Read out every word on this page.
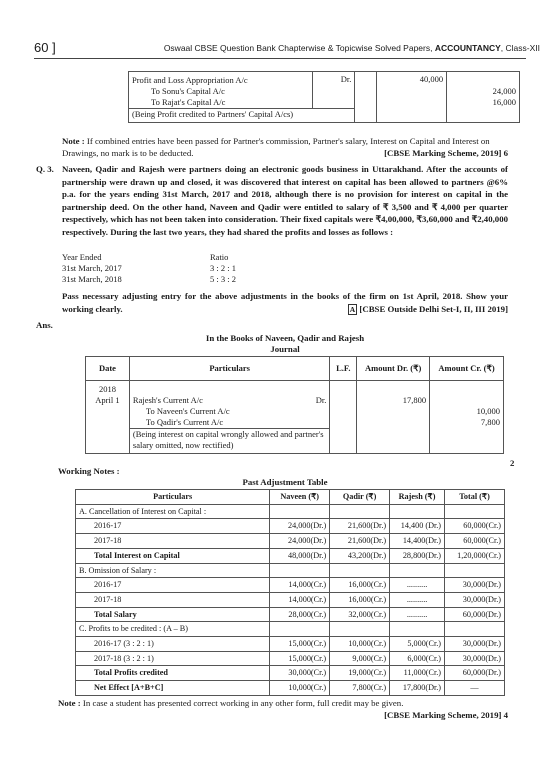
60 ]	Oswaal CBSE Question Bank Chapterwise & Topicwise Solved Papers, ACCOUNTANCY, Class-XII
Profit and Loss Appropriation A/c	Dr.		40,000	
To Sonu's Capital A/c				24,000
To Rajat's Capital A/c				16,000
(Being Profit credited to Partners' Capital A/cs)				
Note : If combined entries have been passed for Partner's commission, Partner's salary, Interest on Capital and Interest on Drawings, no mark is to be deducted.	[CBSE Marking Scheme, 2019] 6
Q. 3. Naveen, Qadir and Rajesh were partners doing an electronic goods business in Uttarakhand. After the accounts of partnership were drawn up and closed, it was discovered that interest on capital has been allowed to partners @6% p.a. for the years ending 31st March, 2017 and 2018, although there is no provision for interest on capital in the partnership deed. On the other hand, Naveen and Qadir were entitled to salary of ₹ 3,500 and ₹ 4,000 per quarter respectively, which has not been taken into consideration. Their fixed capitals were ₹4,00,000, ₹3,60,000 and ₹2,40,000 respectively. During the last two years, they had shared the profits and losses as follows :
Year Ended	Ratio
31st March, 2017	3 : 2 : 1
31st March, 2018	5 : 3 : 2
Pass necessary adjusting entry for the above adjustments in the books of the firm on 1st April, 2018. Show your working clearly.	A [CBSE Outside Delhi Set-I, II, III 2019]
Ans.
In the Books of Naveen, Qadir and Rajesh
Journal
Date	Particulars	L.F.	Amount Dr. (₹)	Amount Cr. (₹)
2018				
April 1	Rajesh's Current A/c Dr.		17,800	
	To Naveen's Current A/c			10,000
	To Qadir's Current A/c			7,800
	(Being interest on capital wrongly allowed and partner's salary omitted, now rectified)			
2
Working Notes :
Past Adjustment Table
Particulars	Naveen (₹)	Qadir (₹)	Rajesh (₹)	Total (₹)
A. Cancellation of Interest on Capital :				
2016-17	24,000(Dr.)	21,600(Dr.)	14,400 (Dr.)	60,000(Cr.)
2017-18	24,000(Dr.)	21,600(Dr.)	14,400(Dr.)	60,000(Cr.)
Total Interest on Capital	48,000(Dr.)	43,200(Dr.)	28,800(Dr.)	1,20,000(Cr.)
B. Omission of Salary :				
2016-17	14,000(Cr.)	16,000(Cr.)	..........	30,000(Dr.)
2017-18	14,000(Cr.)	16,000(Cr.)	..........	30,000(Dr.)
Total Salary	28,000(Cr.)	32,000(Cr.)	..........	60,000(Dr.)
C. Profits to be credited : (A – B)				
2016-17 (3 : 2 : 1)	15,000(Cr.)	10,000(Cr.)	5,000(Cr.)	30,000(Dr.)
2017-18 (3 : 2 : 1)	15,000(Cr.)	9,000(Cr.)	6,000(Cr.)	30,000(Dr.)
Total Profits credited	30,000(Cr.)	19,000(Cr.)	11,000(Cr.)	60,000(Dr.)
Net Effect [A+B+C]	10,000(Cr.)	7,800(Cr.)	17,800(Dr.)	—
Note : In case a student has presented correct working in any other form, full credit may be given.
[CBSE Marking Scheme, 2019] 4
